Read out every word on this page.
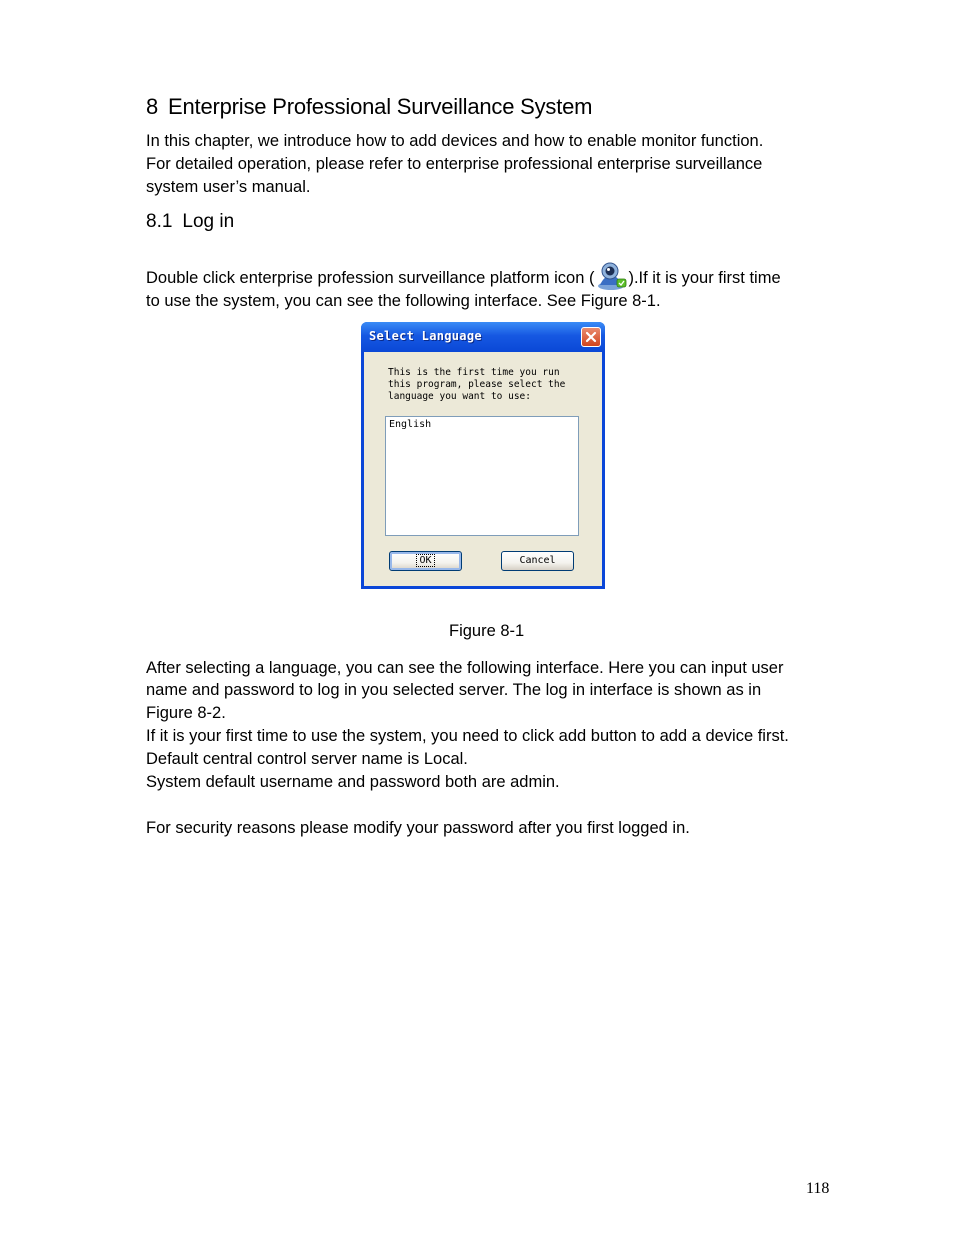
8 Enterprise Professional Surveillance System
In this chapter, we introduce how to add devices and how to enable monitor function.
For detailed operation, please refer to enterprise professional enterprise surveillance
system user’s manual.
8.1 Log in
Double click enterprise profession surveillance platform icon ( ).If it is your first time
to use the system, you can see the following interface. See Figure 8-1.
Select Language
This is the first time you run
this program, please select the
language you want to use:
English
OK	Cancel
Figure 8-1
After selecting a language, you can see the following interface. Here you can input user
name and password to log in you selected server. The log in interface is shown as in
Figure 8-2.
If it is your first time to use the system, you need to click add button to add a device first.
Default central control server name is Local.
System default username and password both are admin.
For security reasons please modify your password after you first logged in.
118
